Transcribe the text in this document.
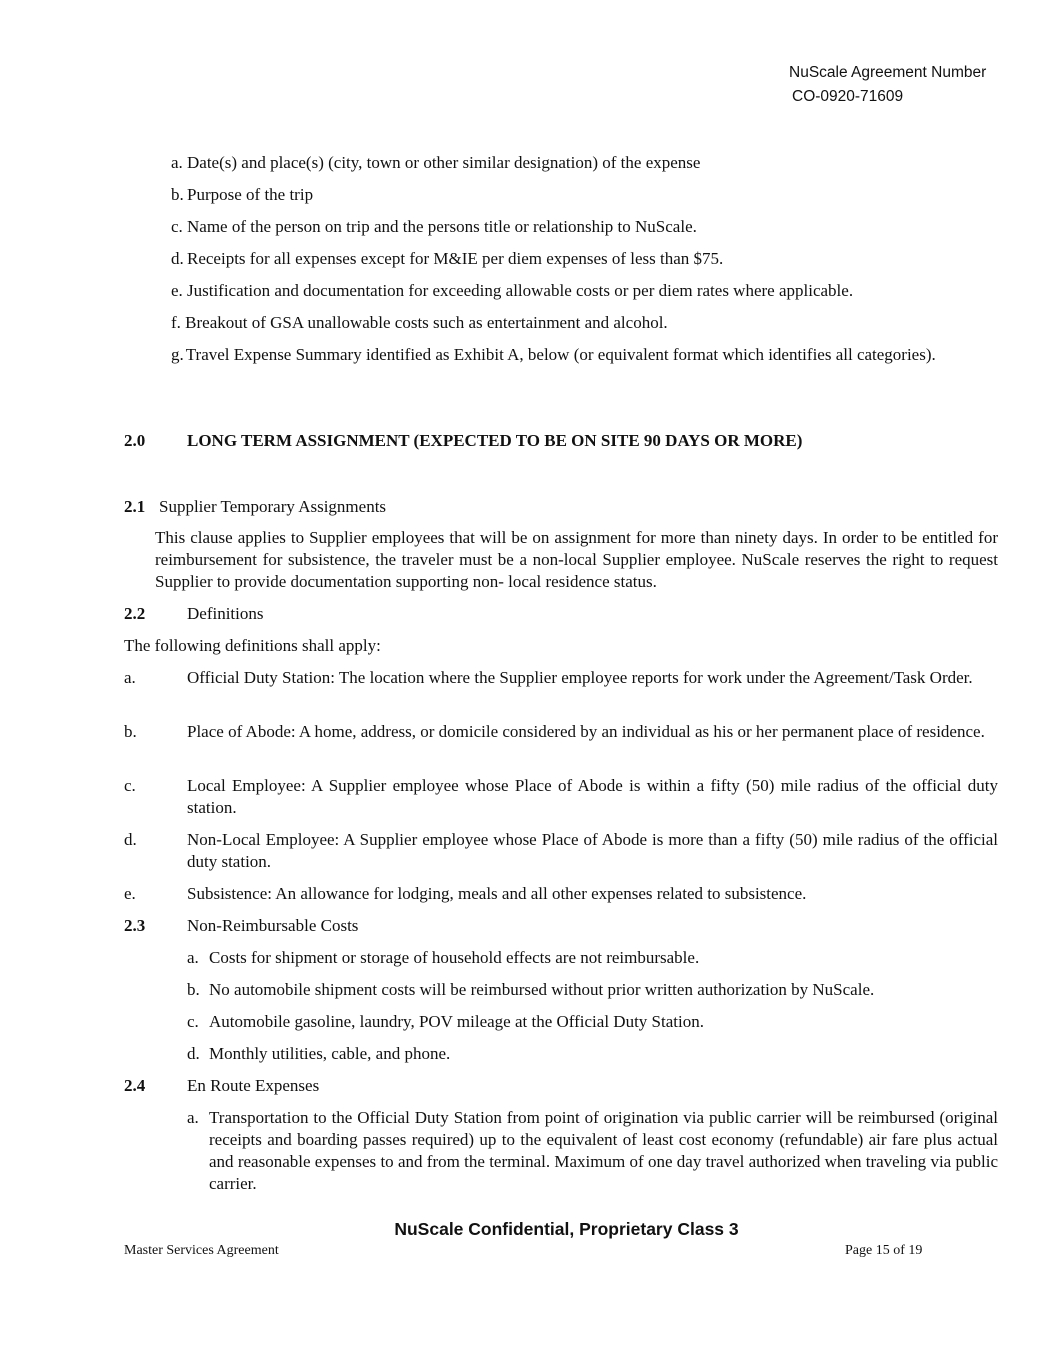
NuScale Agreement Number
CO-0920-71609
a. Date(s) and place(s) (city, town or other similar designation) of the expense
b. Purpose of the trip
c. Name of the person on trip and the persons title or relationship to NuScale.
d. Receipts for all expenses except for M&IE per diem expenses of less than $75.
e. Justification and documentation for exceeding allowable costs or per diem rates where applicable.
f. Breakout of GSA unallowable costs such as entertainment and alcohol.
g. Travel Expense Summary identified as Exhibit A, below (or equivalent format which identifies all categories).
2.0 LONG TERM ASSIGNMENT (EXPECTED TO BE ON SITE 90 DAYS OR MORE)
2.1 Supplier Temporary Assignments
This clause applies to Supplier employees that will be on assignment for more than ninety days. In order to be entitled for reimbursement for subsistence, the traveler must be a non-local Supplier employee. NuScale reserves the right to request Supplier to provide documentation supporting non- local residence status.
2.2 Definitions
The following definitions shall apply:
a.	Official Duty Station: The location where the Supplier employee reports for work under the Agreement/Task Order.
b.	Place of Abode: A home, address, or domicile considered by an individual as his or her permanent place of residence.
c.	Local Employee: A Supplier employee whose Place of Abode is within a fifty (50) mile radius of the official duty station.
d.	Non-Local Employee: A Supplier employee whose Place of Abode is more than a fifty (50) mile radius of the official duty station.
e.	Subsistence: An allowance for lodging, meals and all other expenses related to subsistence.
2.3 Non-Reimbursable Costs
a. Costs for shipment or storage of household effects are not reimbursable.
b. No automobile shipment costs will be reimbursed without prior written authorization by NuScale.
c. Automobile gasoline, laundry, POV mileage at the Official Duty Station.
d. Monthly utilities, cable, and phone.
2.4 En Route Expenses
a. Transportation to the Official Duty Station from point of origination via public carrier will be reimbursed (original receipts and boarding passes required) up to the equivalent of least cost economy (refundable) air fare plus actual and reasonable expenses to and from the terminal. Maximum of one day travel authorized when traveling via public carrier.
NuScale Confidential, Proprietary Class 3
Master Services Agreement	Page 15 of 19
